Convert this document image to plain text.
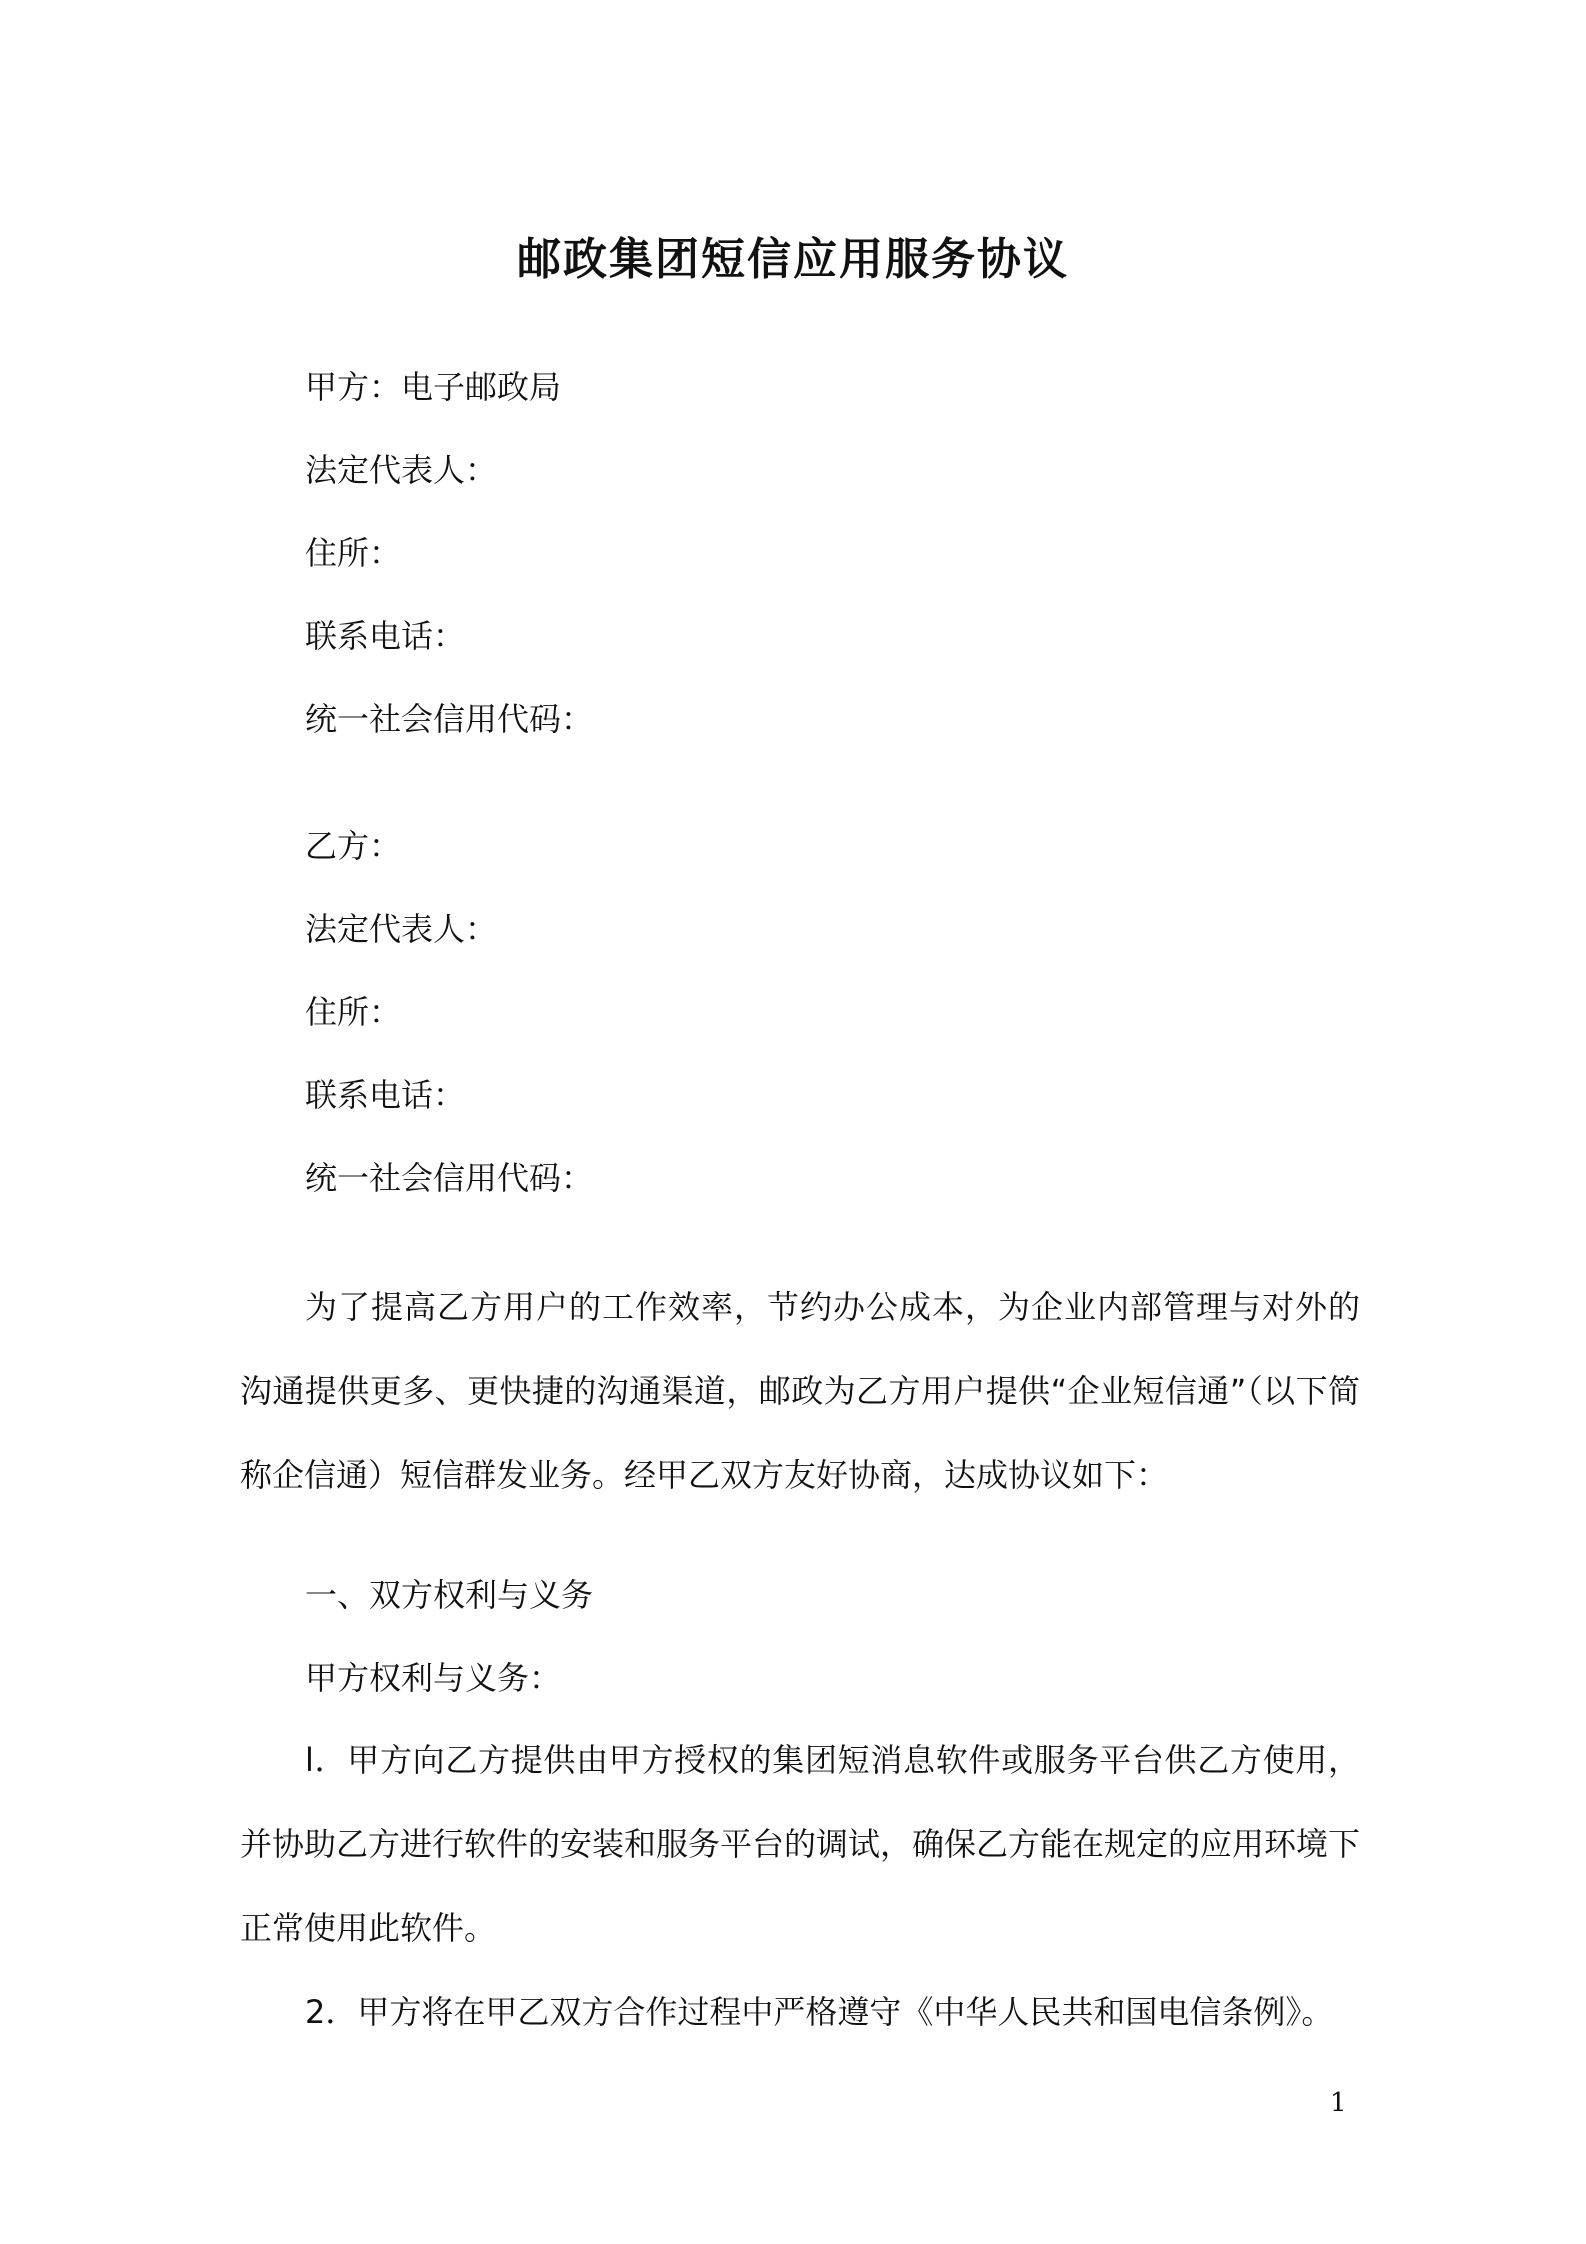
邮政集团短信应用服务协议

甲方：电子邮政局

法定代表人：

住所：

联系电话：

统一社会信用代码：

乙方：

法定代表人：

住所：

联系电话：

统一社会信用代码：

为了提高乙方用户的工作效率，节约办公成本，为企业内部管理与对外的沟通提供更多、更快捷的沟通渠道，邮政为乙方用户提供“企业短信通”（以下简称企信通）短信群发业务。经甲乙双方友好协商，达成协议如下：

一、双方权利与义务

甲方权利与义务：

l．甲方向乙方提供由甲方授权的集团短消息软件或服务平台供乙方使用，并协助乙方进行软件的安装和服务平台的调试，确保乙方能在规定的应用环境下正常使用此软件。

2．甲方将在甲乙双方合作过程中严格遵守《中华人民共和国电信条例》。

1
